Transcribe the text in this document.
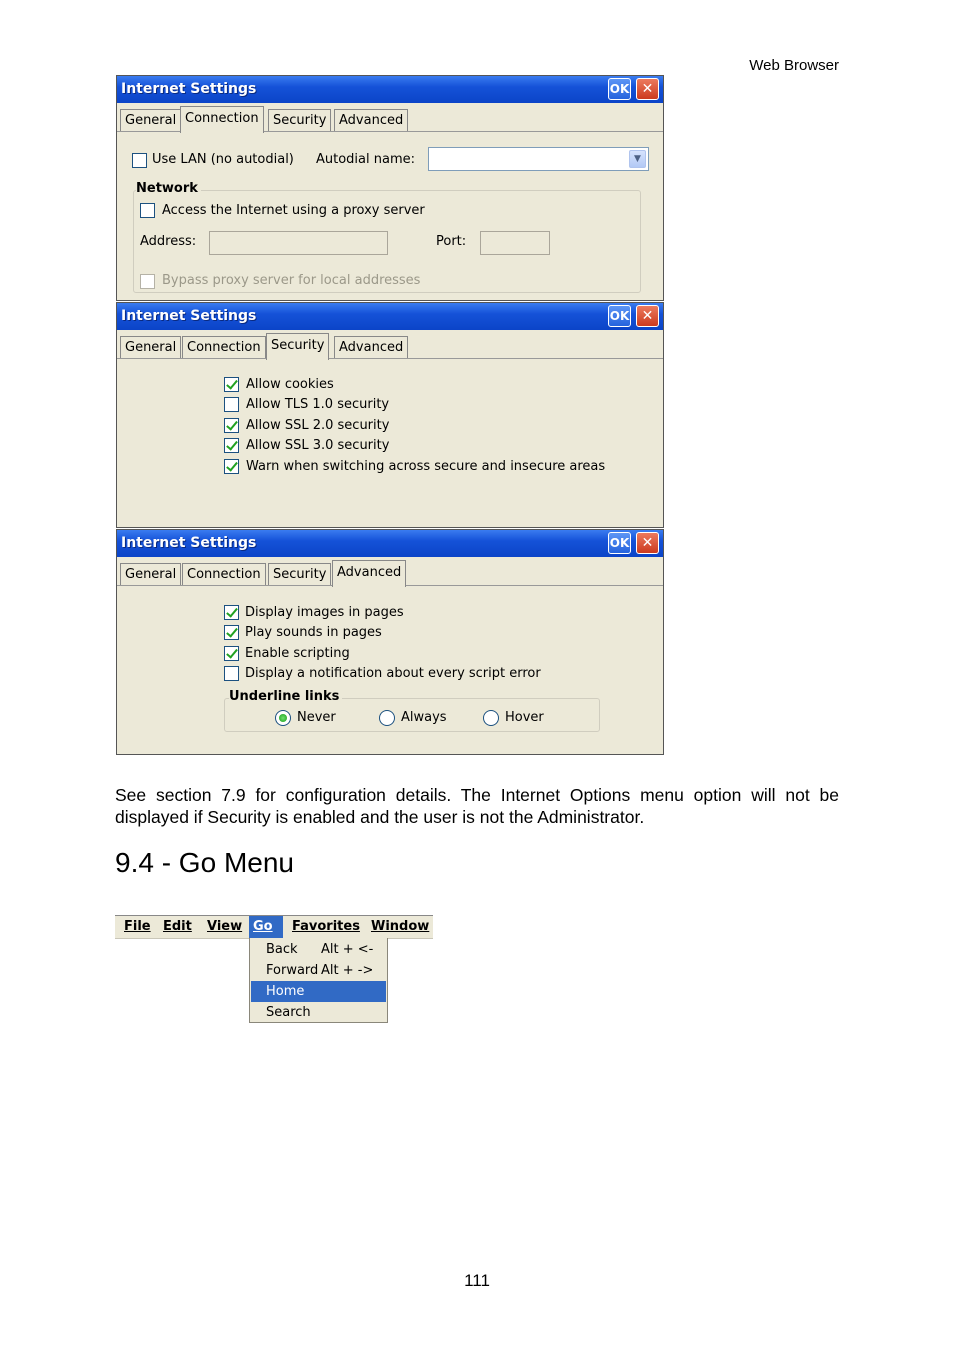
Web Browser
Internet Settings	OK ✕
General Connection	Security Advanced
Use LAN (no autodial) Autodial name:	▼
Network
Access the Internet using a proxy server
Address:	Port:
Bypass proxy server for local addresses
Internet Settings	OK ✕
General Connection Security	Advanced
Allow cookies
Allow TLS 1.0 security
Allow SSL 2.0 security
Allow SSL 3.0 security
Warn when switching across secure and insecure areas
Internet Settings	OK ✕
General Connection Security Advanced
Display images in pages
Play sounds in pages
Enable scripting
Display a notification about every script error
Underline links
Never	Always	Hover
See section 7.9 for configuration details. The Internet Options menu option will not be displayed if Security is enabled and the user is not the Administrator.
9.4 - Go Menu
File Edit	View Go	Favorites Window
Back Alt + <-
Forward Alt + ->
Home
Search
111
